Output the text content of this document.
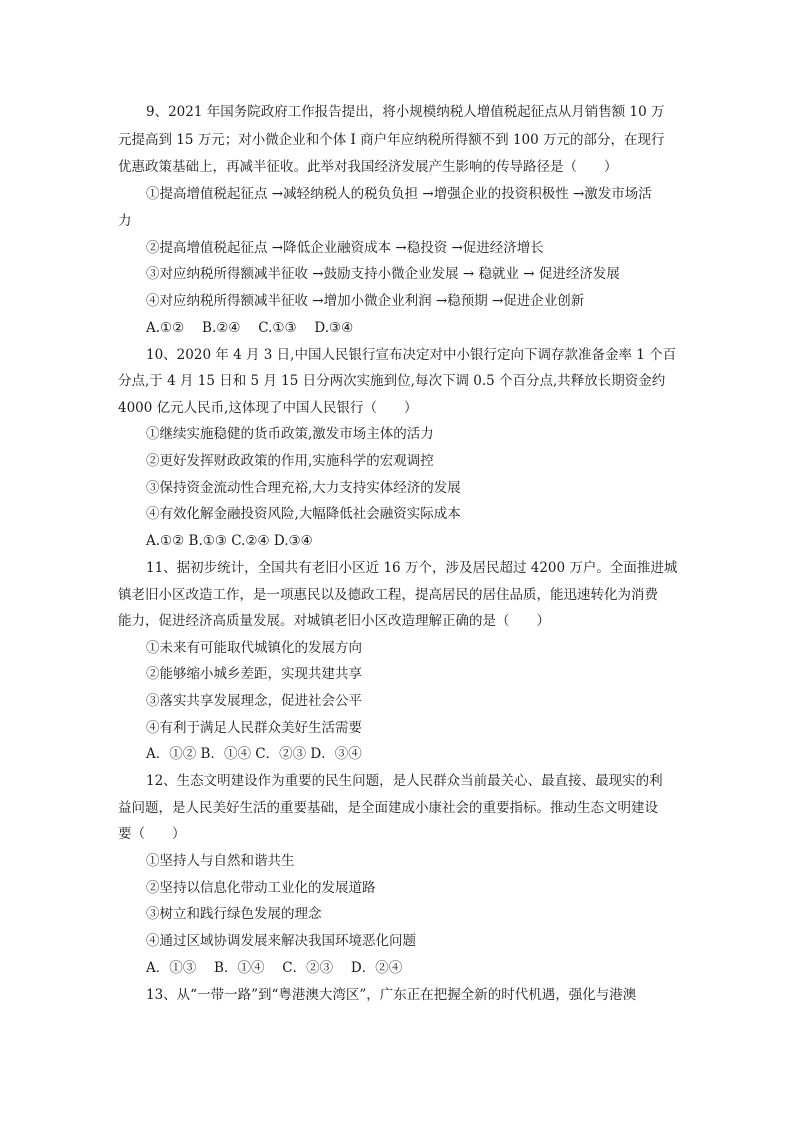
9、2021 年国务院政府工作报告提出，将小规模纳税人增值税起征点从月销售额 10 万
元提高到 15 万元；对小微企业和个体 I 商户年应纳税所得额不到 100 万元的部分，在现行
优惠政策基础上，再减半征收。此举对我国经济发展产生影响的传导路径是（　　）
①提高增值税起征点 →减轻纳税人的税负负担 →增强企业的投资积极性 →激发市场活
力
②提高增值税起征点 →降低企业融资成本 →稳投资 →促进经济增长
③对应纳税所得额减半征收 →鼓励支持小微企业发展 → 稳就业 → 促进经济发展
④对应纳税所得额减半征收 →增加小微企业利润 →稳预期 →促进企业创新
A.①②　 B.②④　 C.①③　 D.③④
10、2020 年 4 月 3 日,中国人民银行宣布决定对中小银行定向下调存款准备金率 1 个百
分点,于 4 月 15 日和 5 月 15 日分两次实施到位,每次下调 0.5 个百分点,共释放长期资金约
4000 亿元人民币,这体现了中国人民银行（　　）
①继续实施稳健的货币政策,激发市场主体的活力
②更好发挥财政政策的作用,实施科学的宏观调控
③保持资金流动性合理充裕,大力支持实体经济的发展
④有效化解金融投资风险,大幅降低社会融资实际成本
A.①② B.①③ C.②④ D.③④
11、据初步统计，全国共有老旧小区近 16 万个，涉及居民超过 4200 万户。全面推进城
镇老旧小区改造工作，是一项惠民以及德政工程，提高居民的居住品质，能迅速转化为消费
能力，促进经济高质量发展。对城镇老旧小区改造理解正确的是（　　）
①未来有可能取代城镇化的发展方向
②能够缩小城乡差距，实现共建共享
③落实共享发展理念，促进社会公平
④有利于满足人民群众美好生活需要
A．①② B．①④ C．②③ D．③④
12、生态文明建设作为重要的民生问题，是人民群众当前最关心、最直接、最现实的利
益问题，是人民美好生活的重要基础，是全面建成小康社会的重要指标。推动生态文明建设
要（　　）
①坚持人与自然和谐共生
②坚持以信息化带动工业化的发展道路
③树立和践行绿色发展的理念
④通过区域协调发展来解决我国环境恶化问题
A．①③　 B．①④　 C．②③　 D．②④
13、从“一带一路”到“粤港澳大湾区”，广东正在把握全新的时代机遇，强化与港澳
